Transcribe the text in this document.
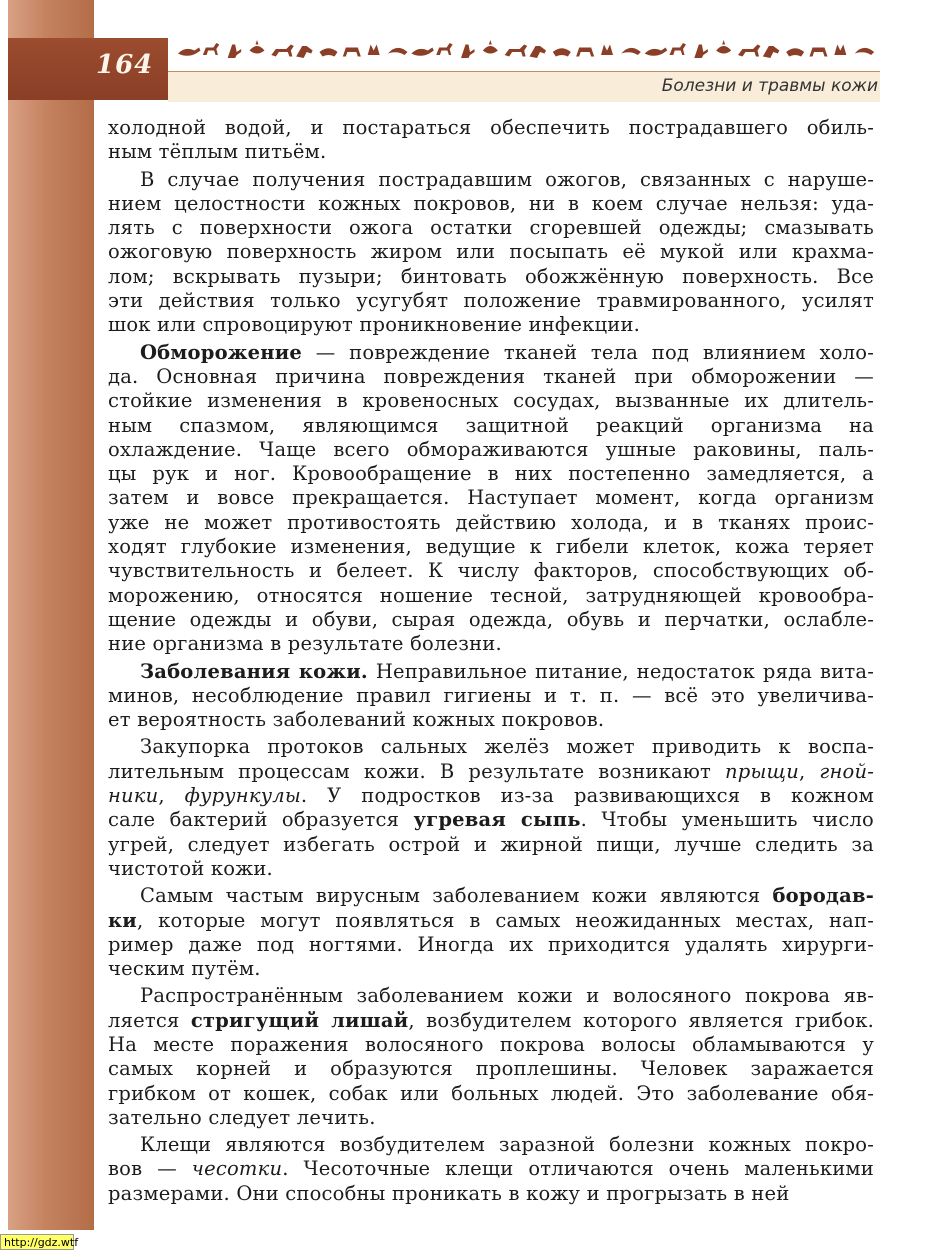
164
Болезни и травмы кожи
холодной водой, и постараться обеспечить пострадавшего обиль-
ным тёплым питьём.
В случае получения пострадавшим ожогов, связанных с наруше-
нием целостности кожных покровов, ни в коем случае нельзя: уда-
лять с поверхности ожога остатки сгоревшей одежды; смазывать
ожоговую поверхность жиром или посыпать её мукой или крахма-
лом; вскрывать пузыри; бинтовать обожжённую поверхность. Все
эти действия только усугубят положение травмированного, усилят
шок или спровоцируют проникновение инфекции.
Обморожение — повреждение тканей тела под влиянием холо-
да. Основная причина повреждения тканей при обморожении —
стойкие изменения в кровеносных сосудах, вызванные их длитель-
ным спазмом, являющимся защитной реакций организма на
охлаждение. Чаще всего обмораживаются ушные раковины, паль-
цы рук и ног. Кровообращение в них постепенно замедляется, а
затем и вовсе прекращается. Наступает момент, когда организм
уже не может противостоять действию холода, и в тканях проис-
ходят глубокие изменения, ведущие к гибели клеток, кожа теряет
чувствительность и белеет. К числу факторов, способствующих об-
морожению, относятся ношение тесной, затрудняющей кровообра-
щение одежды и обуви, сырая одежда, обувь и перчатки, ослабле-
ние организма в результате болезни.
Заболевания кожи. Неправильное питание, недостаток ряда вита-
минов, несоблюдение правил гигиены и т. п. — всё это увеличива-
ет вероятность заболеваний кожных покровов.
Закупорка протоков сальных желёз может приводить к воспа-
лительным процессам кожи. В результате возникают прыщи, гной-
ники, фурункулы. У подростков из-за развивающихся в кожном
сале бактерий образуется угревая сыпь. Чтобы уменьшить число
угрей, следует избегать острой и жирной пищи, лучше следить за
чистотой кожи.
Самым частым вирусным заболеванием кожи являются бородав-
ки, которые могут появляться в самых неожиданных местах, нап-
ример даже под ногтями. Иногда их приходится удалять хирурги-
ческим путём.
Распространённым заболеванием кожи и волосяного покрова яв-
ляется стригущий лишай, возбудителем которого является грибок.
На месте поражения волосяного покрова волосы обламываются у
самых корней и образуются проплешины. Человек заражается
грибком от кошек, собак или больных людей. Это заболевание обя-
зательно следует лечить.
Клещи являются возбудителем заразной болезни кожных покро-
вов — чесотки. Чесоточные клещи отличаются очень маленькими
размерами. Они способны проникать в кожу и прогрызать в ней
http://gdz.wtf
